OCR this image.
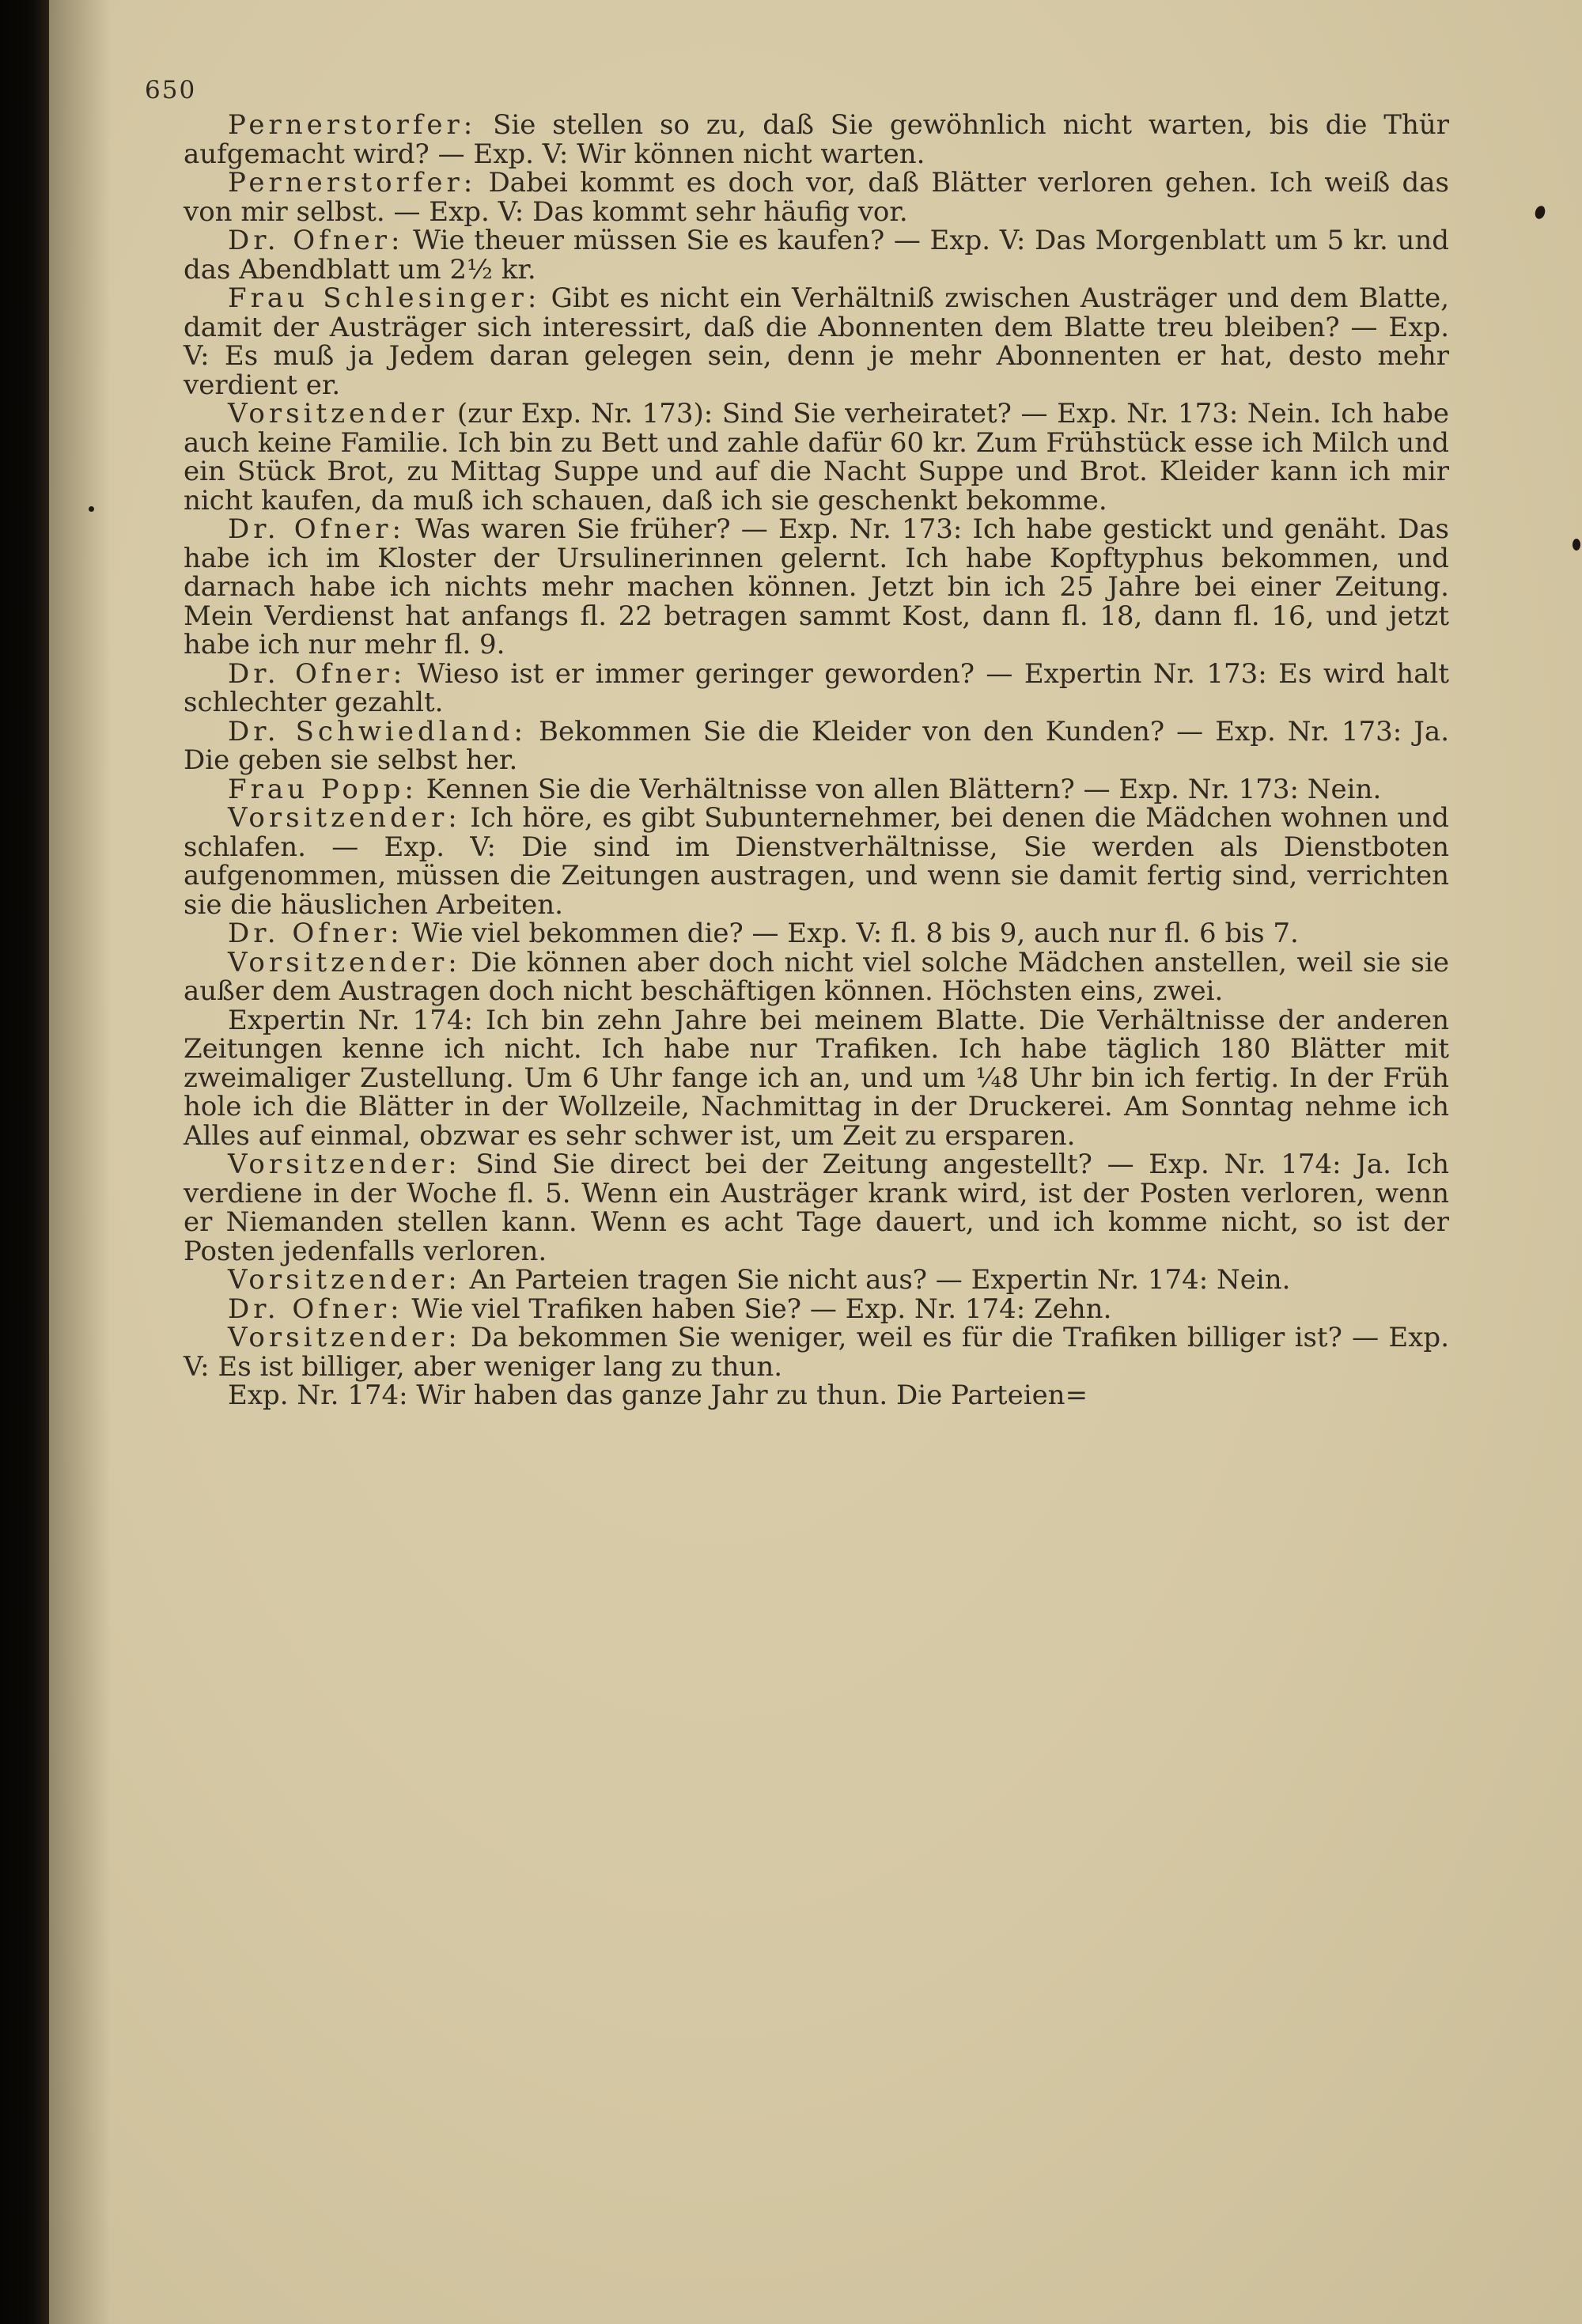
650

Pernerstorfer: Sie stellen so zu, daß Sie gewöhnlich nicht warten, bis die Thür aufgemacht wird? — Exp. V: Wir können nicht warten.

Pernerstorfer: Dabei kommt es doch vor, daß Blätter verloren gehen. Ich weiß das von mir selbst. — Exp. V: Das kommt sehr häufig vor.

Dr. Ofner: Wie theuer müssen Sie es kaufen? — Exp. V: Das Morgenblatt um 5 kr. und das Abendblatt um 2½ kr.

Frau Schlesinger: Gibt es nicht ein Verhältniß zwischen Austräger und dem Blatte, damit der Austräger sich interessirt, daß die Abonnenten dem Blatte treu bleiben? — Exp. V: Es muß ja Jedem daran gelegen sein, denn je mehr Abonnenten er hat, desto mehr verdient er.

Vorsitzender (zur Exp. Nr. 173): Sind Sie verheiratet? — Exp. Nr. 173: Nein. Ich habe auch keine Familie. Ich bin zu Bett und zahle dafür 60 kr. Zum Frühstück esse ich Milch und ein Stück Brot, zu Mittag Suppe und auf die Nacht Suppe und Brot. Kleider kann ich mir nicht kaufen, da muß ich schauen, daß ich sie geschenkt bekomme.

Dr. Ofner: Was waren Sie früher? — Exp. Nr. 173: Ich habe gestickt und genäht. Das habe ich im Kloster der Ursulinerinnen gelernt. Ich habe Kopftyphus bekommen, und darnach habe ich nichts mehr machen können. Jetzt bin ich 25 Jahre bei einer Zeitung. Mein Verdienst hat anfangs fl. 22 betragen sammt Kost, dann fl. 18, dann fl. 16, und jetzt habe ich nur mehr fl. 9.

Dr. Ofner: Wieso ist er immer geringer geworden? — Expertin Nr. 173: Es wird halt schlechter gezahlt.

Dr. Schwiedland: Bekommen Sie die Kleider von den Kunden? — Exp. Nr. 173: Ja. Die geben sie selbst her.

Frau Popp: Kennen Sie die Verhältnisse von allen Blättern? — Exp. Nr. 173: Nein.

Vorsitzender: Ich höre, es gibt Subunternehmer, bei denen die Mädchen wohnen und schlafen. — Exp. V: Die sind im Dienstverhältnisse, Sie werden als Dienstboten aufgenommen, müssen die Zeitungen austragen, und wenn sie damit fertig sind, verrichten sie die häuslichen Arbeiten.

Dr. Ofner: Wie viel bekommen die? — Exp. V: fl. 8 bis 9, auch nur fl. 6 bis 7.

Vorsitzender: Die können aber doch nicht viel solche Mädchen anstellen, weil sie sie außer dem Austragen doch nicht beschäftigen können. Höchsten eins, zwei.

Expertin Nr. 174: Ich bin zehn Jahre bei meinem Blatte. Die Verhältnisse der anderen Zeitungen kenne ich nicht. Ich habe nur Trafiken. Ich habe täglich 180 Blätter mit zweimaliger Zustellung. Um 6 Uhr fange ich an, und um ¼8 Uhr bin ich fertig. In der Früh hole ich die Blätter in der Wollzeile, Nachmittag in der Druckerei. Am Sonntag nehme ich Alles auf einmal, obzwar es sehr schwer ist, um Zeit zu ersparen.

Vorsitzender: Sind Sie direct bei der Zeitung angestellt? — Exp. Nr. 174: Ja. Ich verdiene in der Woche fl. 5. Wenn ein Austräger krank wird, ist der Posten verloren, wenn er Niemanden stellen kann. Wenn es acht Tage dauert, und ich komme nicht, so ist der Posten jedenfalls verloren.

Vorsitzender: An Parteien tragen Sie nicht aus? — Expertin Nr. 174: Nein.

Dr. Ofner: Wie viel Trafiken haben Sie? — Exp. Nr. 174: Zehn.

Vorsitzender: Da bekommen Sie weniger, weil es für die Trafiken billiger ist? — Exp. V: Es ist billiger, aber weniger lang zu thun.

Exp. Nr. 174: Wir haben das ganze Jahr zu thun. Die Parteien=
